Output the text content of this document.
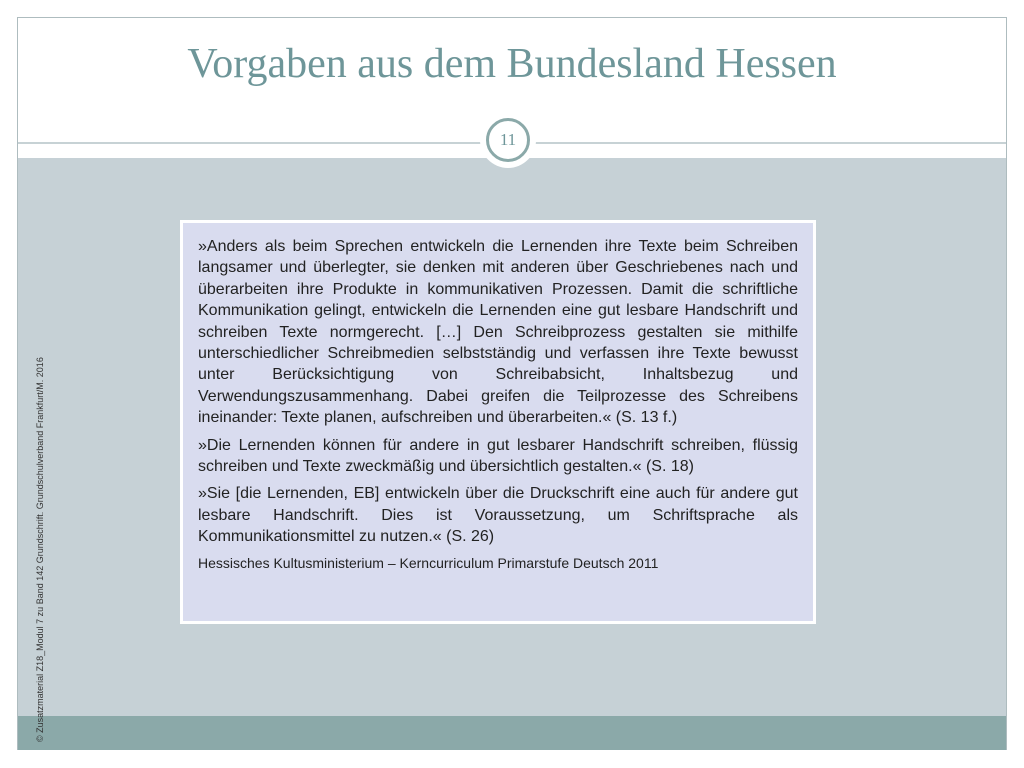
Vorgaben aus dem Bundesland Hessen
11

»Anders als beim Sprechen entwickeln die Lernenden ihre Texte beim Schreiben langsamer und überlegter, sie denken mit anderen über Geschriebenes nach und überarbeiten ihre Produkte in kommunikativen Prozessen. Damit die schriftliche Kommunikation gelingt, entwickeln die Lernenden eine gut lesbare Handschrift und schreiben Texte normgerecht. […] Den Schreibprozess gestalten sie mithilfe unterschiedlicher Schreibmedien selbstständig und verfassen ihre Texte bewusst unter Berücksichtigung von Schreibabsicht, Inhaltsbezug und Verwendungszusammenhang. Dabei greifen die Teilprozesse des Schreibens ineinander: Texte planen, aufschreiben und überarbeiten.« (S. 13 f.)

»Die Lernenden können für andere in gut lesbarer Handschrift schreiben, flüssig schreiben und Texte zweckmäßig und übersichtlich gestalten.« (S. 18)

»Sie [die Lernenden, EB] entwickeln über die Druckschrift eine auch für andere gut lesbare Handschrift. Dies ist Voraussetzung, um Schriftsprache als Kommunikationsmittel zu nutzen.« (S. 26)

Hessisches Kultusministerium – Kerncurriculum Primarstufe Deutsch 2011

© Zusatzmaterial Z18_Modul 7 zu Band 142 Grundschrift. Grundschulverband Frankfurt/M. 2016
